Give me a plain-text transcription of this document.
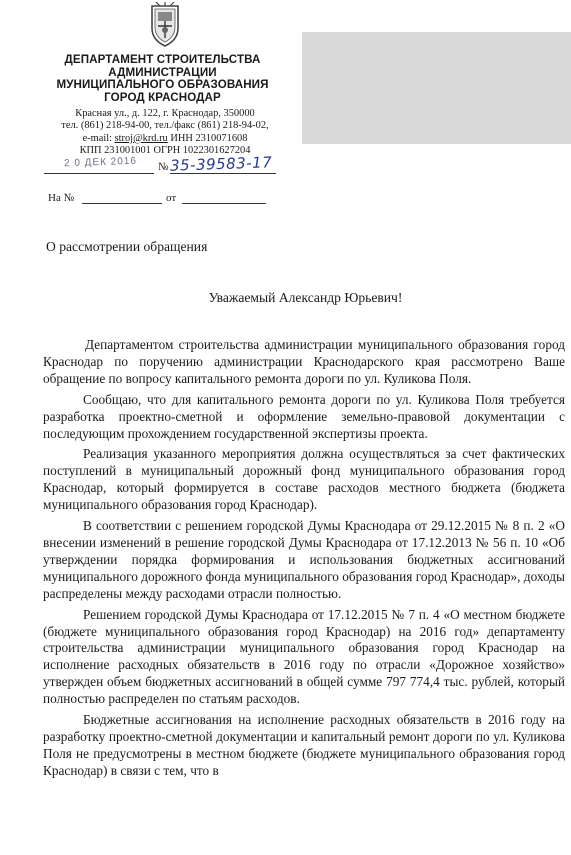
ДЕПАРТАМЕНТ СТРОИТЕЛЬСТВА
АДМИНИСТРАЦИИ
МУНИЦИПАЛЬНОГО ОБРАЗОВАНИЯ
ГОРОД КРАСНОДАР
Красная ул., д. 122, г. Краснодар, 350000
тел. (861) 218-94-00, тел./факс (861) 218-94-02,
e-mail: stroj@krd.ru ИНН 2310071608
КПП 231001001 ОГРН 1022301627204
2 0 ДЕК 2016 № 35-39583-17
На №	от
О рассмотрении обращения
Уважаемый Александр Юрьевич!

Департаментом строительства администрации муниципального образования город Краснодар по поручению администрации Краснодарского края рассмотрено Ваше обращение по вопросу капитального ремонта дороги по ул. Куликова Поля.

Сообщаю, что для капитального ремонта дороги по ул. Куликова Поля требуется разработка проектно-сметной и оформление земельно-правовой документации с последующим прохождением государственной экспертизы проекта.

Реализация указанного мероприятия должна осуществляться за счет фактических поступлений в муниципальный дорожный фонд муниципального образования город Краснодар, который формируется в составе расходов местного бюджета (бюджета муниципального образования город Краснодар).

В соответствии с решением городской Думы Краснодара от 29.12.2015 № 8 п. 2 «О внесении изменений в решение городской Думы Краснодара от 17.12.2013 № 56 п. 10 «Об утверждении порядка формирования и использования бюджетных ассигнований муниципального дорожного фонда муниципального образования город Краснодар», доходы распределены между расходами отрасли полностью.

Решением городской Думы Краснодара от 17.12.2015 № 7 п. 4 «О местном бюджете (бюджете муниципального образования город Краснодар) на 2016 год» департаменту строительства администрации муниципального образования город Краснодар на исполнение расходных обязательств в 2016 году по отрасли «Дорожное хозяйство» утвержден объем бюджетных ассигнований в общей сумме 797 774,4 тыс. рублей, который полностью распределен по статьям расходов.

Бюджетные ассигнования на исполнение расходных обязательств в 2016 году на разработку проектно-сметной документации и капитальный ремонт дороги по ул. Куликова Поля не предусмотрены в местном бюджете (бюджете муниципального образования город Краснодар) в связи с тем, что в
